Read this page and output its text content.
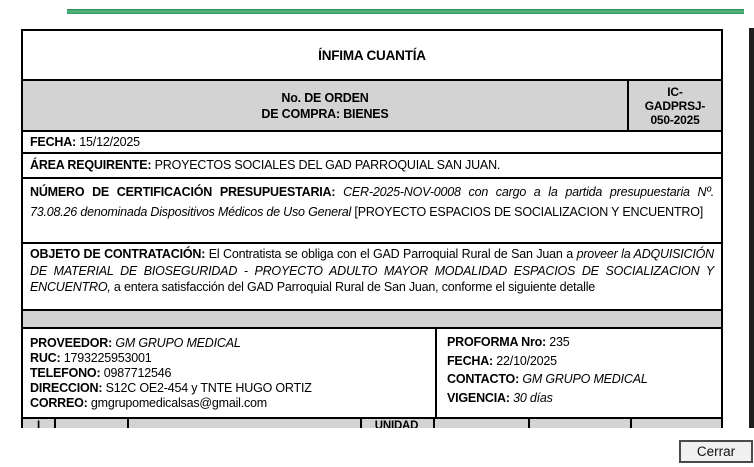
ÍNFIMA CUANTÍA
No. DE ORDEN
DE COMPRA: BIENES
IC-
GADPRSJ-
050-2025
FECHA: 15/12/2025
ÁREA REQUIRENTE: PROYECTOS SOCIALES DEL GAD PARROQUIAL SAN JUAN.
NÚMERO DE CERTIFICACIÓN PRESUPUESTARIA: CER-2025-NOV-0008 con cargo a la partida presupuestaria Nº. 73.08.26 denominada Dispositivos Médicos de Uso General [PROYECTO ESPACIOS DE SOCIALIZACION Y ENCUENTRO]
OBJETO DE CONTRATACIÓN: El Contratista se obliga con el GAD Parroquial Rural de San Juan a proveer la ADQUISICIÓN DE MATERIAL DE BIOSEGURIDAD - PROYECTO ADULTO MAYOR MODALIDAD ESPACIOS DE SOCIALIZACION Y ENCUENTRO, a entera satisfacción del GAD Parroquial Rural de San Juan, conforme el siguiente detalle
PROVEEDOR: GM GRUPO MEDICAL
RUC: 1793225953001
TELEFONO: 0987712546
DIRECCION: S12C OE2-454 y TNTE HUGO ORTIZ
CORREO: gmgrupomedicalsas@gmail.com
PROFORMA Nro: 235
FECHA: 22/10/2025
CONTACTO: GM GRUPO MEDICAL
VIGENCIA: 30 días
I	UNIDAD
Cerrar
